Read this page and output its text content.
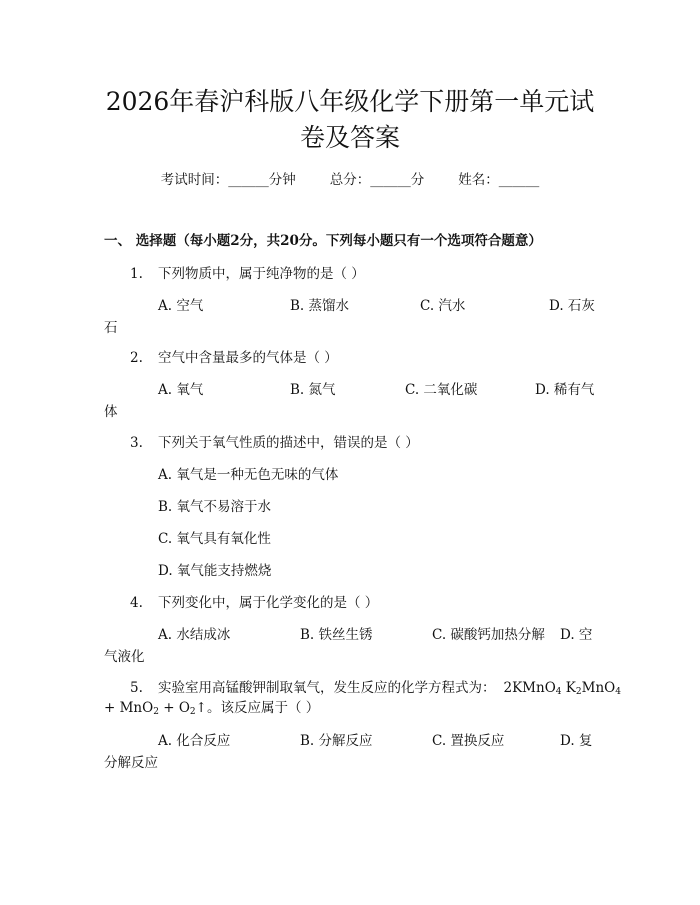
2026年春沪科版八年级化学下册第一单元试
卷及答案
考试时间：______分钟	总分：______分	姓名：______
一、 选择题（每小题2分，共20分。下列每小题只有一个选项符合题意）
1. 下列物质中，属于纯净物的是（ ）
A. 空气	B. 蒸馏水	C. 汽水	D. 石灰
石
2. 空气中含量最多的气体是（ ）
A. 氧气	B. 氮气	C. 二氧化碳	D. 稀有气
体
3. 下列关于氧气性质的描述中，错误的是（ ）
A. 氧气是一种无色无味的气体
B. 氧气不易溶于水
C. 氧气具有氧化性
D. 氧气能支持燃烧
4. 下列变化中，属于化学变化的是（ ）
A. 水结成冰	B. 铁丝生锈	C. 碳酸钙加热分解 D. 空
气液化
5. 实验室用高锰酸钾制取氧气，发生反应的化学方程式为： 2KMnO$_4$ $K_2MnO_4$
+ $MnO_2 + O_2↑$。该反应属于（ ）
A. 化合反应	B. 分解反应	C. 置换反应	D. 复
分解反应
